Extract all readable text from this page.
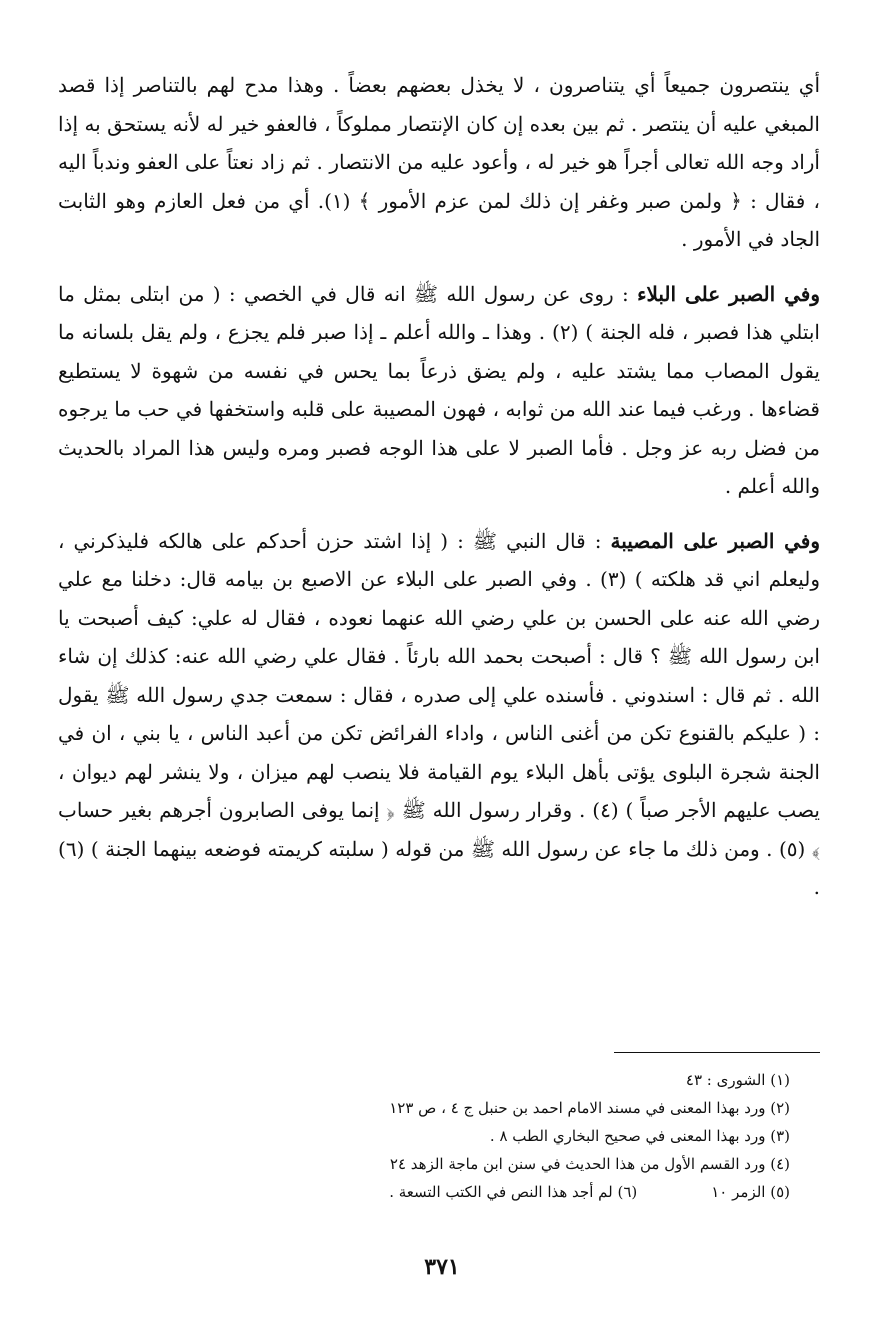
أي ينتصرون جميعاً أي يتناصرون ، لا يخذل بعضهم بعضاً . وهذا مدح لهم بالتناصر إذا قصد المبغي عليه أن ينتصر . ثم بين بعده إن كان الإنتصار مملوكاً ، فالعفو خير له لأنه يستحق به إذا أراد وجه الله تعالى أجراً هو خير له ، وأعود عليه من الانتصار . ثم زاد نعتاً على العفو وندباً اليه ، فقال : ﴿ ولمن صبر وغفر إن ذلك لمن عزم الأمور ﴾ (١). أي من فعل العازم وهو الثابت الجاد في الأمور .

وفي الصبر على البلاء : روى عن رسول الله ﷺ انه قال في الخصي : ( من ابتلى بمثل ما ابتلي هذا فصبر ، فله الجنة ) (٢) . وهذا ـ والله أعلم ـ إذا صبر فلم يجزع ، ولم يقل بلسانه ما يقول المصاب مما يشتد عليه ، ولم يضق ذرعاً بما يحس في نفسه من شهوة لا يستطيع قضاءها . ورغب فيما عند الله من ثوابه ، فهون المصيبة على قلبه واستخفها في حب ما يرجوه من فضل ربه عز وجل . فأما الصبر لا على هذا الوجه فصبر ومره وليس هذا المراد بالحديث والله أعلم .

وفي الصبر على المصيبة : قال النبي ﷺ : ( إذا اشتد حزن أحدكم على هالكه فليذكرني ، وليعلم اني قد هلكته ) (٣) . وفي الصبر على البلاء عن الاصبع بن بيامه قال: دخلنا مع علي رضي الله عنه على الحسن بن علي رضي الله عنهما نعوده ، فقال له علي: كيف أصبحت يا ابن رسول الله ﷺ ؟ قال : أصبحت بحمد الله بارئاً . فقال علي رضي الله عنه: كذلك إن شاء الله . ثم قال : اسندوني . فأسنده علي إلى صدره ، فقال : سمعت جدي رسول الله ﷺ يقول : ( عليكم بالقنوع تكن من أغنى الناس ، واداء الفرائض تكن من أعبد الناس ، يا بني ، ان في الجنة شجرة البلوى يؤتى بأهل البلاء يوم القيامة فلا ينصب لهم ميزان ، ولا ينشر لهم ديوان ، يصب عليهم الأجر صباً ) (٤) . وقرار رسول الله ﷺ ﴿ إنما يوفى الصابرون أجرهم بغير حساب ﴾ (٥) . ومن ذلك ما جاء عن رسول الله ﷺ من قوله ( سلبته كريمته فوضعه بينهما الجنة ) (٦) .

(١) الشورى : ٤٣
(٢) ورد بهذا المعنى في مسند الامام احمد بن حنبل ج ٤ ، ص ١٢٣
(٣) ورد بهذا المعنى في صحيح البخاري الطب ٨ .
(٤) ورد القسم الأول من هذا الحديث في سنن ابن ماجة الزهد ٢٤
(٥) الزمر ١٠
(٦) لم أجد هذا النص في الكتب التسعة .
٣٧١
